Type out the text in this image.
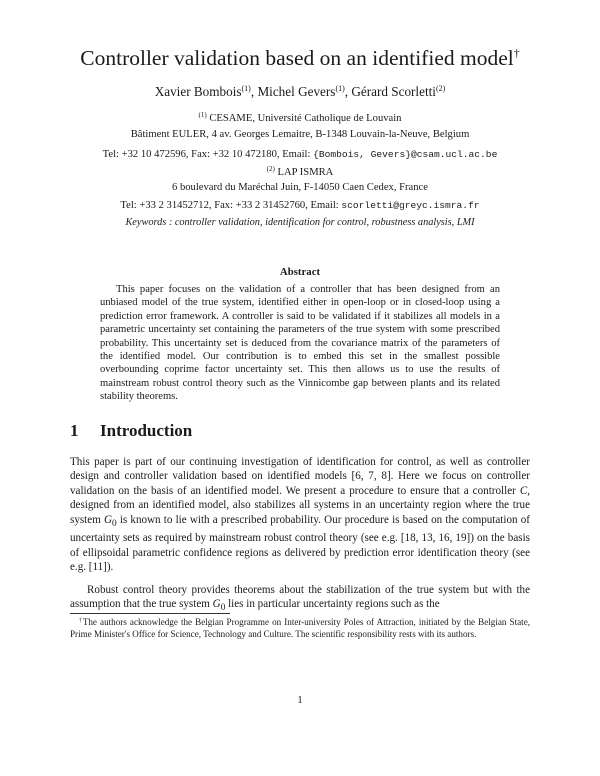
Controller validation based on an identified model†
Xavier Bombois$^{(1)}$, Michel Gevers$^{(1)}$, Gérard Scorletti$^{(2)}$
$^{(1)}$ CESAME, Université Catholique de Louvain
Bâtiment EULER, 4 av. Georges Lemaitre, B-1348 Louvain-la-Neuve, Belgium
Tel: +32 10 472596, Fax: +32 10 472180, Email: {Bombois, Gevers}@csam.ucl.ac.be
$^{(2)}$ LAP ISMRA
6 boulevard du Maréchal Juin, F-14050 Caen Cedex, France
Tel: +33 2 31452712, Fax: +33 2 31452760, Email: scorletti@greyc.ismra.fr
Keywords : controller validation, identification for control, robustness analysis, LMI
Abstract

This paper focuses on the validation of a controller that has been designed from an unbiased model of the true system, identified either in open-loop or in closed-loop using a prediction error framework. A controller is said to be validated if it stabilizes all models in a parametric uncertainty set containing the parameters of the true system with some prescribed probability. This uncertainty set is deduced from the covariance matrix of the parameters of the identified model. Our contribution is to embed this set in the smallest possible overbounding coprime factor uncertainty set. This then allows us to use the results of mainstream robust control theory such as the Vinnicombe gap between plants and its related stability theorems.

1 Introduction

This paper is part of our continuing investigation of identification for control, as well as controller design and controller validation based on identified models [6, 7, 8]. Here we focus on controller validation on the basis of an identified model. We present a procedure to ensure that a controller C, designed from an identified model, also stabilizes all systems in an uncertainty region where the true system $G_0$ is known to lie with a prescribed probability. Our procedure is based on the computation of uncertainty sets as required by mainstream robust control theory (see e.g. [18, 13, 16, 19]) on the basis of ellipsoidal parametric confidence regions as delivered by prediction error identification theory (see e.g. [11]).

Robust control theory provides theorems about the stabilization of the true system but with the assumption that the true system $G_0$ lies in particular uncertainty regions such as the

†The authors acknowledge the Belgian Programme on Inter-university Poles of Attraction, initiated by the Belgian State, Prime Minister's Office for Science, Technology and Culture. The scientific responsibility rests with its authors.

1
